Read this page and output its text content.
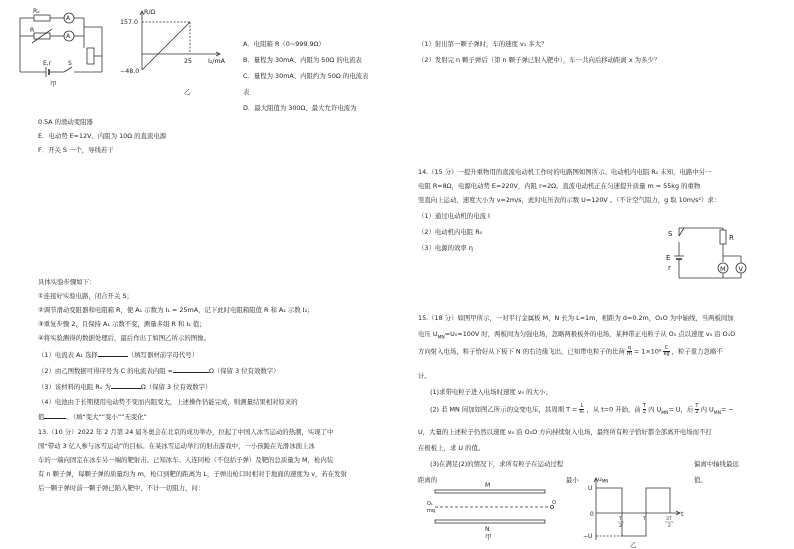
Rₓ
R
A
A
E,r	S
甲
R/Ω
I₂/mA
157.0
−48.0
25
乙
A．电阻箱 R（0~999.9Ω）
B．量程为 30mA、内阻为 50Ω 的电流表
C．量程为 30mA、内阻约为 50Ω 的电流表
表
D．最大阻值为 300Ω、最大允许电流为
0.5A 的滑动变阻器
E．电动势 E=12V、内阻为 10Ω 的直流电源
F．开关 S 一个，导线若干
具体实验步骤如下：
①连接好实验电路，闭合开关 S；
②调节滑动变阻器和电阻箱 R，使 A₁ 示数为 I₁ = 25mA，记下此时电阻箱阻值 R 和 A₂ 示数 I₂；
③重复步骤 2，且保持 A₁ 示数不变，测量多组 R 和 I₂ 值；
④将实验测得的数据处理后，最后作出了如图乙所示的图像。
（1）电流表 A₁ 选择	（填写器材前字母代号）
（2）由乙图数据可得序号为 C 的电流表内阻 =	Ω（保留 3 位有效数字）
（3）该材料的电阻 Rₓ 为	Ω（保留 3 位有效数字）
（4）电池由于长期使用电动势不变而内阻变大，上述操作仍能完成，则测量结果相对原来的
值	。（填“变大”“变小”“无变化”
13.（10 分）2022 年 2 月第 24 届冬奥会在北京的成功举办，拉起了中国人冰雪运动的热潮，实现了中
国“带动 3 亿人参与冰雪运动”的目标。在某冰雪运动举行的射击游戏中，一小孩跪在光滑冰面上冰
车的一端向固定在冰车另一端的靶射击。已知冰车、人连同枪（不包括子弹）及靶的总质量为 M，枪内装
有 n 颗子弹，每颗子弹的质量均为 m，枪口到靶的距离为 L，子弹出枪口时相对于地面的速度为 v，若在发射
后一颗子弹时前一颗子弹已陷入靶中，不计一切阻力，问：
（1）射出第一颗子弹时，车的速度 v₁ 多大？
（2）发射完 n 颗子弹后（第 n 颗子弹已射入靶中），车一共向后移动距离 x 为多少？
14.（15 分）一提升重物用的直流电动机工作时的电路图如图所示。电动机内电阻 R₀ 未知，电路中另一
电阻 R=8Ω，电源电动势 E=220V，内阻 r=2Ω。直流电动机正在匀速提升质量 m = 55kg 的重物
竖直向上运动，速度大小为 v=2m/s，此时电压表的示数 U=120V 。（不计空气阻力，g 取 10m/s²）求：
（1）通过电动机的电流 I
（2）电动机内电阻 R₀
（3）电源的效率 η
S	R
E
r	M V
15.（18 分）如图甲所示，一对平行金属板 M、N 长为 L=1m，相距为 d=0.2m，O₁O 为中轴线，当两板间加
电压 $U_{MN}=U_0=100V$ 时，两板间为匀强电场，忽略两极板外的电场，某种带正电粒子从 O₁ 点以速度 v₀ 沿 O₁O
方向射入电场，粒子恰好从下板下 N 的右边缘飞出，已知带电粒子的比荷 $\frac{q}{m} = 1\times 10^6 \frac{C}{kg}$ ，粒子重力忽略不
计。
(1)求带电粒子进入电场时速度 v₀ 的大小；
(2) 若 MN 间加如图乙所示的交变电压，其周期 $T = \frac{L}{\text{v₀}}$ ，从 t=0 开始，前 $\frac{T}{2}$ 内 $U_{MN}= U$，后 $\frac{T}{2}$ 内 $U_{MN}=$ −
U，大量的上述粒子仍然以速度 v₀ 沿 O₁O 方向持续射入电场，最终所有粒子恰好都全部离开电场而不打
在极板上，求 U 的值。
(3)在满足(2)的情况下，求所有粒子在运动过程	偏离中轴线最远
距离的	最小	值。
M
N
O₁
mq
O
甲
$u_{MN}$
U
0
−U
t
T
2
T	3T
2
乙
